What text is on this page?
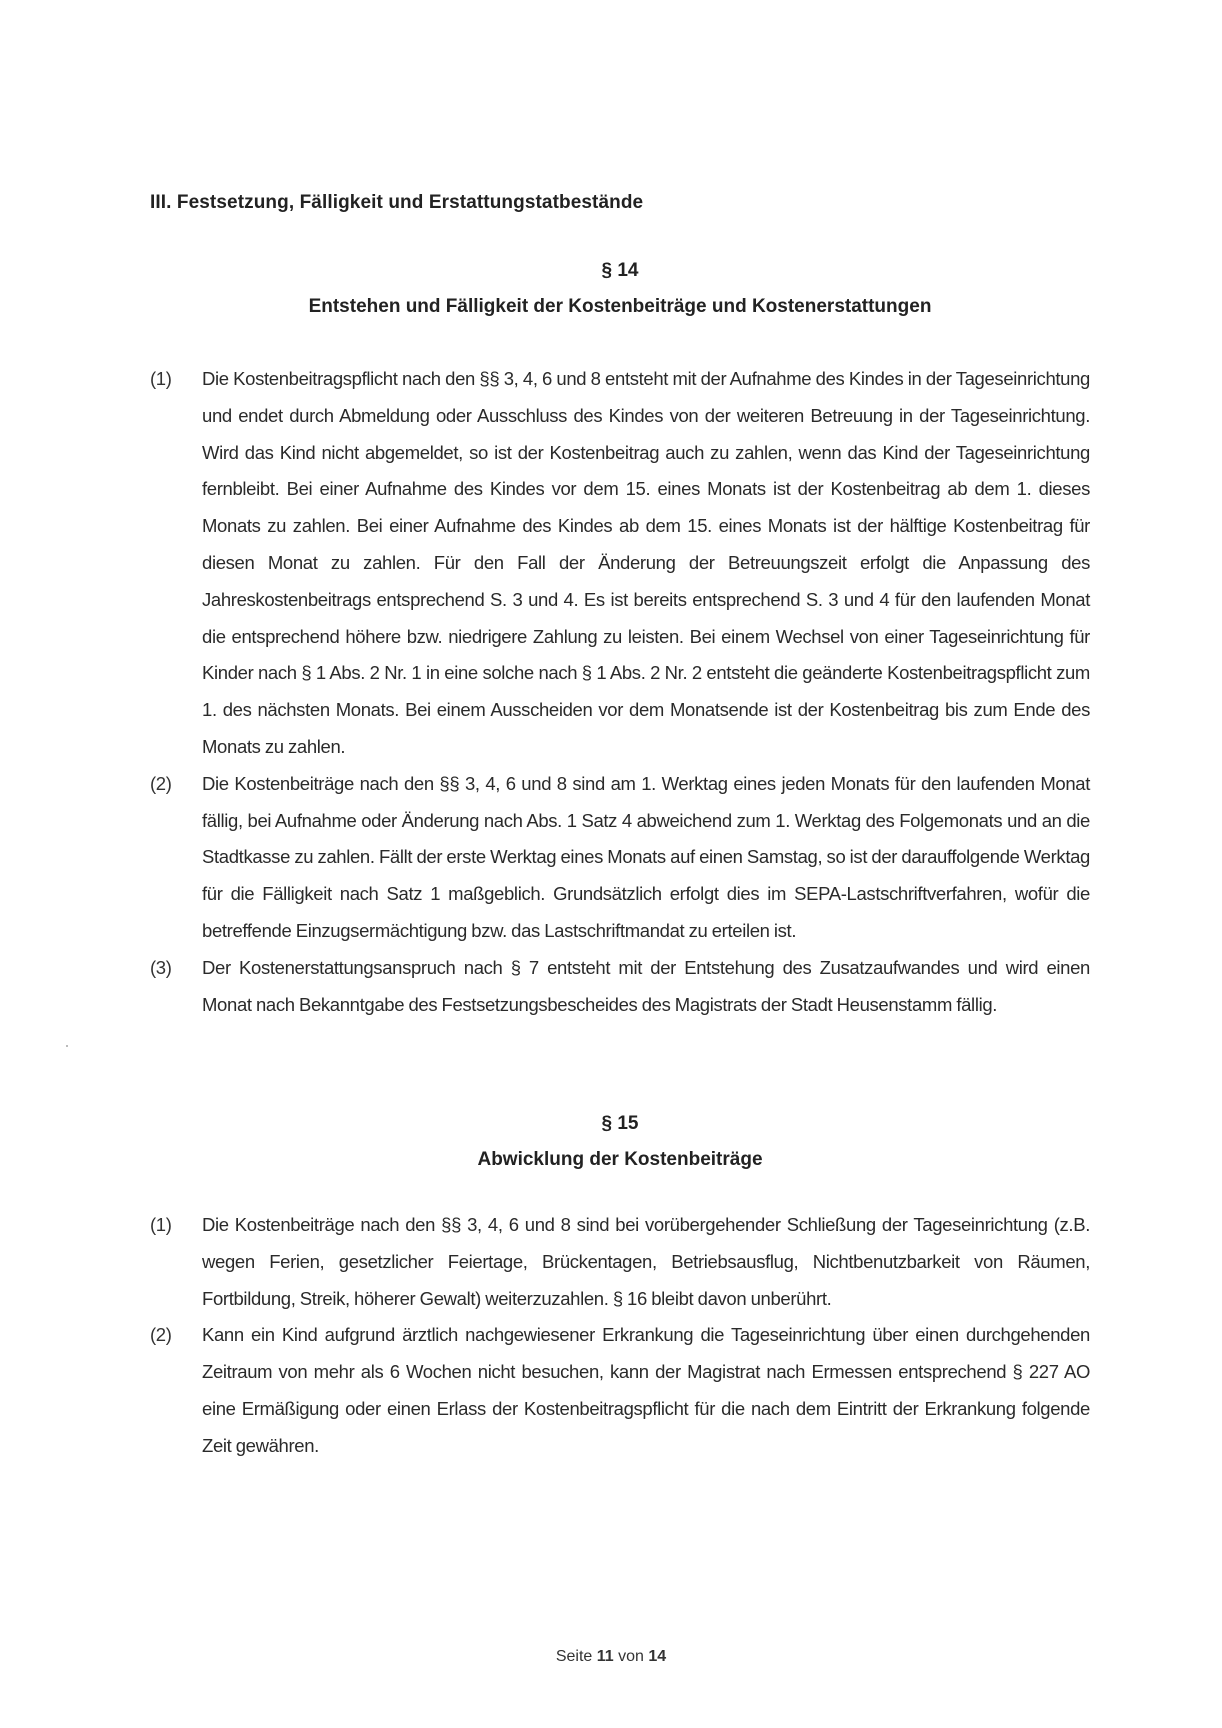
III. Festsetzung, Fälligkeit und Erstattungstatbestände
§ 14
Entstehen und Fälligkeit der Kostenbeiträge und Kostenerstattungen
(1)	Die Kostenbeitragspflicht nach den §§ 3, 4, 6 und 8 entsteht mit der Aufnahme des Kindes in der Tageseinrichtung und endet durch Abmeldung oder Ausschluss des Kindes von der weiteren Betreuung in der Tageseinrichtung. Wird das Kind nicht abgemeldet, so ist der Kostenbeitrag auch zu zahlen, wenn das Kind der Tageseinrichtung fernbleibt. Bei einer Aufnahme des Kindes vor dem 15. eines Monats ist der Kostenbeitrag ab dem 1. dieses Monats zu zahlen. Bei einer Aufnahme des Kindes ab dem 15. eines Monats ist der hälftige Kostenbeitrag für diesen Monat zu zahlen. Für den Fall der Änderung der Betreuungszeit erfolgt die Anpassung des Jahreskostenbeitrags entsprechend S. 3 und 4. Es ist bereits entsprechend S. 3 und 4 für den laufenden Monat die entsprechend höhere bzw. niedrigere Zahlung zu leisten. Bei einem Wechsel von einer Tageseinrichtung für Kinder nach § 1 Abs. 2 Nr. 1 in eine solche nach § 1 Abs. 2 Nr. 2 entsteht die geänderte Kostenbeitragspflicht zum 1. des nächsten Monats. Bei einem Ausscheiden vor dem Monatsende ist der Kostenbeitrag bis zum Ende des Monats zu zahlen.
(2)	Die Kostenbeiträge nach den §§ 3, 4, 6 und 8 sind am 1. Werktag eines jeden Monats für den laufenden Monat fällig, bei Aufnahme oder Änderung nach Abs. 1 Satz 4 abweichend zum 1. Werktag des Folgemonats und an die Stadtkasse zu zahlen. Fällt der erste Werktag eines Monats auf einen Samstag, so ist der darauffolgende Werktag für die Fälligkeit nach Satz 1 maßgeblich. Grundsätzlich erfolgt dies im SEPA-Lastschriftverfahren, wofür die betreffende Einzugsermächtigung bzw. das Lastschriftmandat zu erteilen ist.
(3)	Der Kostenerstattungsanspruch nach § 7 entsteht mit der Entstehung des Zusatzaufwandes und wird einen Monat nach Bekanntgabe des Festsetzungsbescheides des Magistrats der Stadt Heusenstamm fällig.
§ 15
Abwicklung der Kostenbeiträge
(1)	Die Kostenbeiträge nach den §§ 3, 4, 6 und 8 sind bei vorübergehender Schließung der Tageseinrichtung (z.B. wegen Ferien, gesetzlicher Feiertage, Brückentagen, Betriebsausflug, Nichtbenutzbarkeit von Räumen, Fortbildung, Streik, höherer Gewalt) weiterzuzahlen. § 16 bleibt davon unberührt.
(2)	Kann ein Kind aufgrund ärztlich nachgewiesener Erkrankung die Tageseinrichtung über einen durchgehenden Zeitraum von mehr als 6 Wochen nicht besuchen, kann der Magistrat nach Ermessen entsprechend § 227 AO eine Ermäßigung oder einen Erlass der Kostenbeitragspflicht für die nach dem Eintritt der Erkrankung folgende Zeit gewähren.
Seite 11 von 14
